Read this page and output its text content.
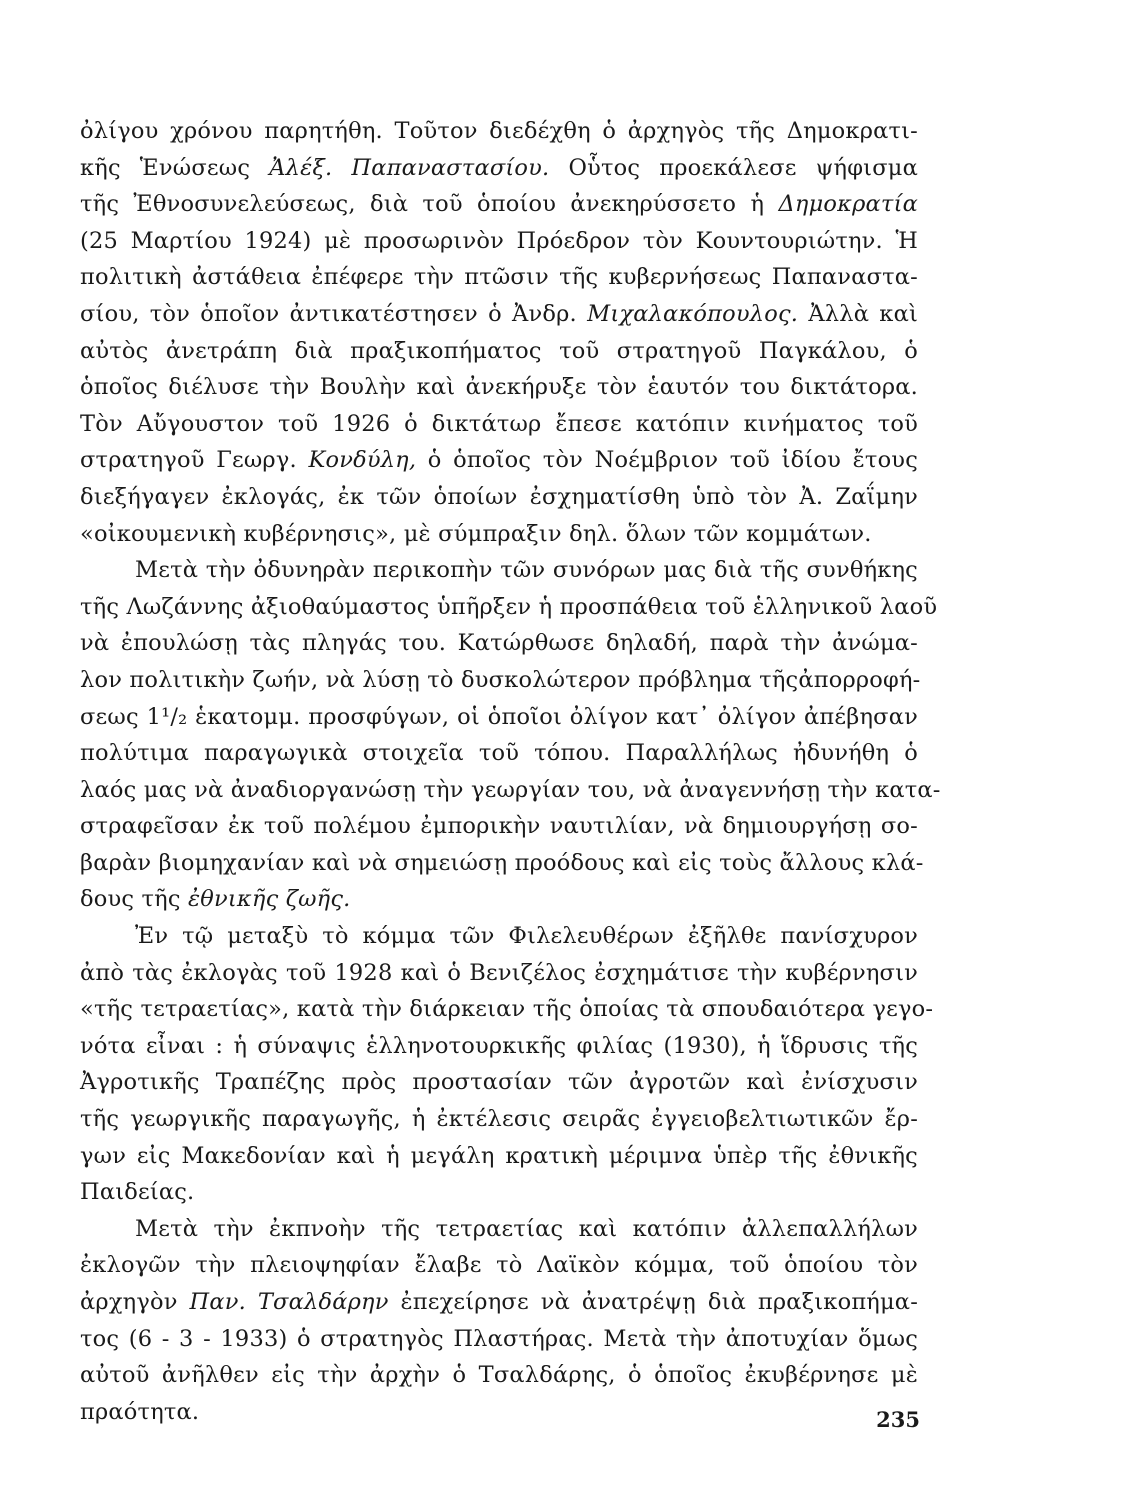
ὀλίγου χρόνου παρητήθη. Τοῦτον διεδέχθη ὁ ἀρχηγὸς τῆς Δημοκρατι-
κῆς Ἑνώσεως Ἀλέξ. Παπαναστασίου. Οὗτος προεκάλεσε ψήφισμα
τῆς Ἐθνοσυνελεύσεως, διὰ τοῦ ὁποίου ἀνεκηρύσσετο ἡ Δημοκρατία
(25 Μαρτίου 1924) μὲ προσωρινὸν Πρόεδρον τὸν Κουντουριώτην. Ἡ
πολιτικὴ ἀστάθεια ἐπέφερε τὴν πτῶσιν τῆς κυβερνήσεως Παπαναστα-
σίου, τὸν ὁποῖον ἀντικατέστησεν ὁ Ἀνδρ. Μιχαλακόπουλος. Ἀλλὰ καὶ
αὐτὸς ἀνετράπη διὰ πραξικοπήματος τοῦ στρατηγοῦ Παγκάλου, ὁ
ὁποῖος διέλυσε τὴν Βουλὴν καὶ ἀνεκήρυξε τὸν ἑαυτόν του δικτάτορα.
Τὸν Αὔγουστον τοῦ 1926 ὁ δικτάτωρ ἔπεσε κατόπιν κινήματος τοῦ
στρατηγοῦ Γεωργ. Κονδύλη, ὁ ὁποῖος τὸν Νοέμβριον τοῦ ἰδίου ἔτους
διεξήγαγεν ἐκλογάς, ἐκ τῶν ὁποίων ἐσχηματίσθη ὑπὸ τὸν Ἀ. Ζαΐμην
«οἰκουμενικὴ κυβέρνησις», μὲ σύμπραξιν δηλ. ὅλων τῶν κομμάτων.
Μετὰ τὴν ὀδυνηρὰν περικοπὴν τῶν συνόρων μας διὰ τῆς συνθήκης
τῆς Λωζάννης ἀξιοθαύμαστος ὑπῆρξεν ἡ προσπάθεια τοῦ ἑλληνικοῦ λαοῦ
νὰ ἐπουλώσῃ τὰς πληγάς του. Κατώρθωσε δηλαδή, παρὰ τὴν ἀνώμα-
λον πολιτικὴν ζωήν, νὰ λύσῃ τὸ δυσκολώτερον πρόβλημα τῆςἀπορροφή-
σεως 1¹/₂ ἑκατομμ. προσφύγων, οἱ ὁποῖοι ὀλίγον κατ᾽ ὀλίγον ἀπέβησαν
πολύτιμα παραγωγικὰ στοιχεῖα τοῦ τόπου. Παραλλήλως ἠδυνήθη ὁ
λαός μας νὰ ἀναδιοργανώσῃ τὴν γεωργίαν του, νὰ ἀναγεννήσῃ τὴν κατα-
στραφεῖσαν ἐκ τοῦ πολέμου ἐμπορικὴν ναυτιλίαν, νὰ δημιουργήσῃ σο-
βαρὰν βιομηχανίαν καὶ νὰ σημειώσῃ προόδους καὶ εἰς τοὺς ἄλλους κλά-
δους τῆς ἐθνικῆς ζωῆς.
Ἐν τῷ μεταξὺ τὸ κόμμα τῶν Φιλελευθέρων ἐξῆλθε πανίσχυρον
ἀπὸ τὰς ἐκλογὰς τοῦ 1928 καὶ ὁ Βενιζέλος ἐσχημάτισε τὴν κυβέρνησιν
«τῆς τετραετίας», κατὰ τὴν διάρκειαν τῆς ὁποίας τὰ σπουδαιότερα γεγο-
νότα εἶναι : ἡ σύναψις ἑλληνοτουρκικῆς φιλίας (1930), ἡ ἵδρυσις τῆς
Ἀγροτικῆς Τραπέζης πρὸς προστασίαν τῶν ἀγροτῶν καὶ ἐνίσχυσιν
τῆς γεωργικῆς παραγωγῆς, ἡ ἐκτέλεσις σειρᾶς ἐγγειοβελτιωτικῶν ἔρ-
γων εἰς Μακεδονίαν καὶ ἡ μεγάλη κρατικὴ μέριμνα ὑπὲρ τῆς ἐθνικῆς
Παιδείας.
Μετὰ τὴν ἐκπνοὴν τῆς τετραετίας καὶ κατόπιν ἀλλεπαλλήλων
ἐκλογῶν τὴν πλειοψηφίαν ἔλαβε τὸ Λαϊκὸν κόμμα, τοῦ ὁποίου τὸν
ἀρχηγὸν Παν. Τσαλδάρην ἐπεχείρησε νὰ ἀνατρέψῃ διὰ πραξικοπήμα-
τος (6 - 3 - 1933) ὁ στρατηγὸς Πλαστήρας. Μετὰ τὴν ἀποτυχίαν ὅμως
αὐτοῦ ἀνῆλθεν εἰς τὴν ἀρχὴν ὁ Τσαλδάρης, ὁ ὁποῖος ἐκυβέρνησε μὲ
πραότητα.	235
